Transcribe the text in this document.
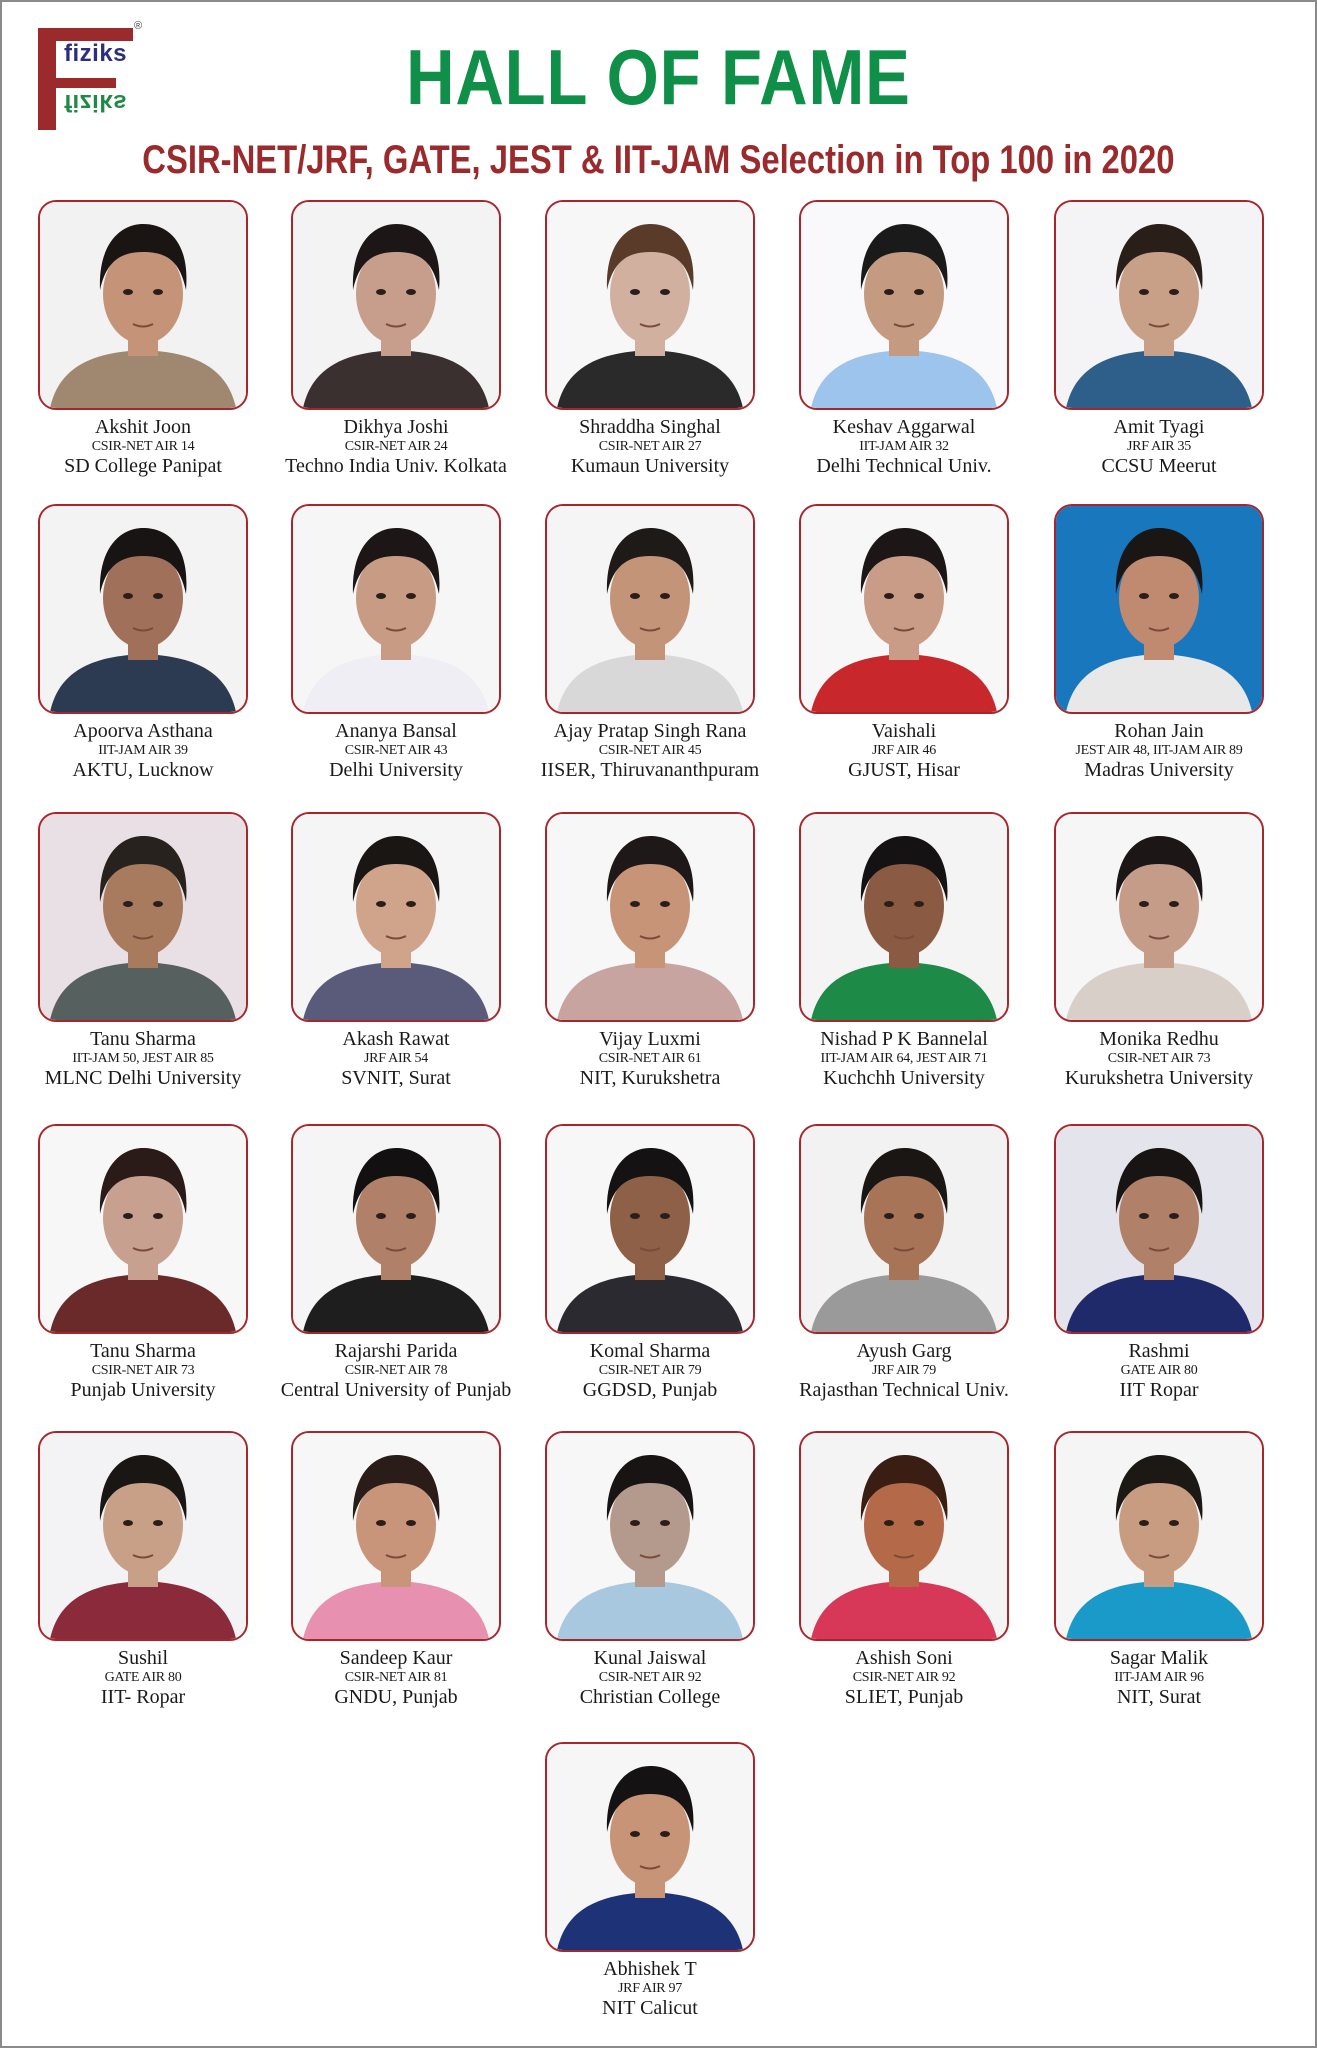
fiziks
fiziks
®
HALL OF FAME
CSIR-NET/JRF, GATE, JEST & IIT-JAM Selection in Top 100 in 2020
Akshit Joon
CSIR-NET AIR 14
SD College Panipat
Dikhya Joshi
CSIR-NET AIR 24
Techno India Univ. Kolkata
Shraddha Singhal
CSIR-NET AIR 27
Kumaun University
Keshav Aggarwal
IIT-JAM AIR 32
Delhi Technical Univ.
Amit Tyagi
JRF AIR 35
CCSU Meerut
Apoorva Asthana
IIT-JAM AIR 39
AKTU, Lucknow
Ananya Bansal
CSIR-NET AIR 43
Delhi University
Ajay Pratap Singh Rana
CSIR-NET AIR 45
IISER, Thiruvananthpuram
Vaishali
JRF AIR 46
GJUST, Hisar
Rohan Jain
JEST AIR 48, IIT-JAM AIR 89
Madras University
Tanu Sharma
IIT-JAM 50, JEST AIR 85
MLNC Delhi University
Akash Rawat
JRF AIR 54
SVNIT, Surat
Vijay Luxmi
CSIR-NET AIR 61
NIT, Kurukshetra
Nishad P K Bannelal
IIT-JAM AIR 64, JEST AIR 71
Kuchchh University
Monika Redhu
CSIR-NET AIR 73
Kurukshetra University
Tanu Sharma
CSIR-NET AIR 73
Punjab University
Rajarshi Parida
CSIR-NET AIR 78
Central University of Punjab
Komal Sharma
CSIR-NET AIR 79
GGDSD, Punjab
Ayush Garg
JRF AIR 79
Rajasthan Technical Univ.
Rashmi
GATE AIR 80
IIT Ropar
Sushil
GATE AIR 80
IIT- Ropar
Sandeep Kaur
CSIR-NET AIR 81
GNDU, Punjab
Kunal Jaiswal
CSIR-NET AIR 92
Christian College
Ashish Soni
CSIR-NET AIR 92
SLIET, Punjab
Sagar Malik
IIT-JAM AIR 96
NIT, Surat
Abhishek T
JRF AIR 97
NIT Calicut
